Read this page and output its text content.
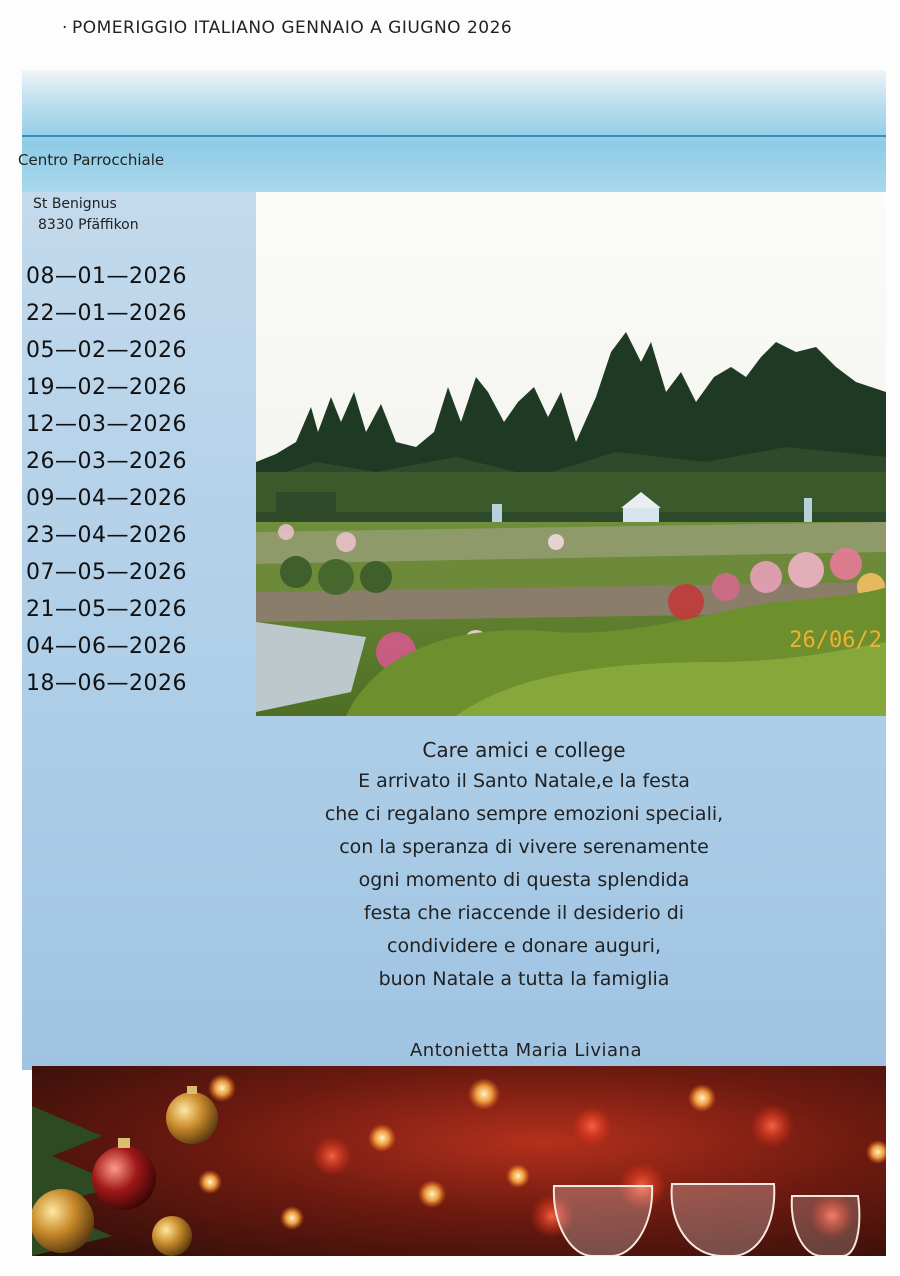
· POMERIGGIO ITALIANO GENNAIO A GIUGNO 2026
Centro Parrocchiale
St Benignus
8330 Pfäffikon
08—01—2026
22—01—2026
05—02—2026
19—02—2026
12—03—2026
26—03—2026
09—04—2026
23—04—2026
07—05—2026
21—05—2026
04—06—2026
18—06—2026
26/06/2
Care amici e college
E arrivato il Santo Natale,e la festa
che ci regalano sempre emozioni speciali,
con la speranza di vivere serenamente
ogni momento di questa splendida
festa che riaccende il desiderio di
condividere e donare auguri,
buon Natale a tutta la famiglia
Antonietta Maria Liviana
